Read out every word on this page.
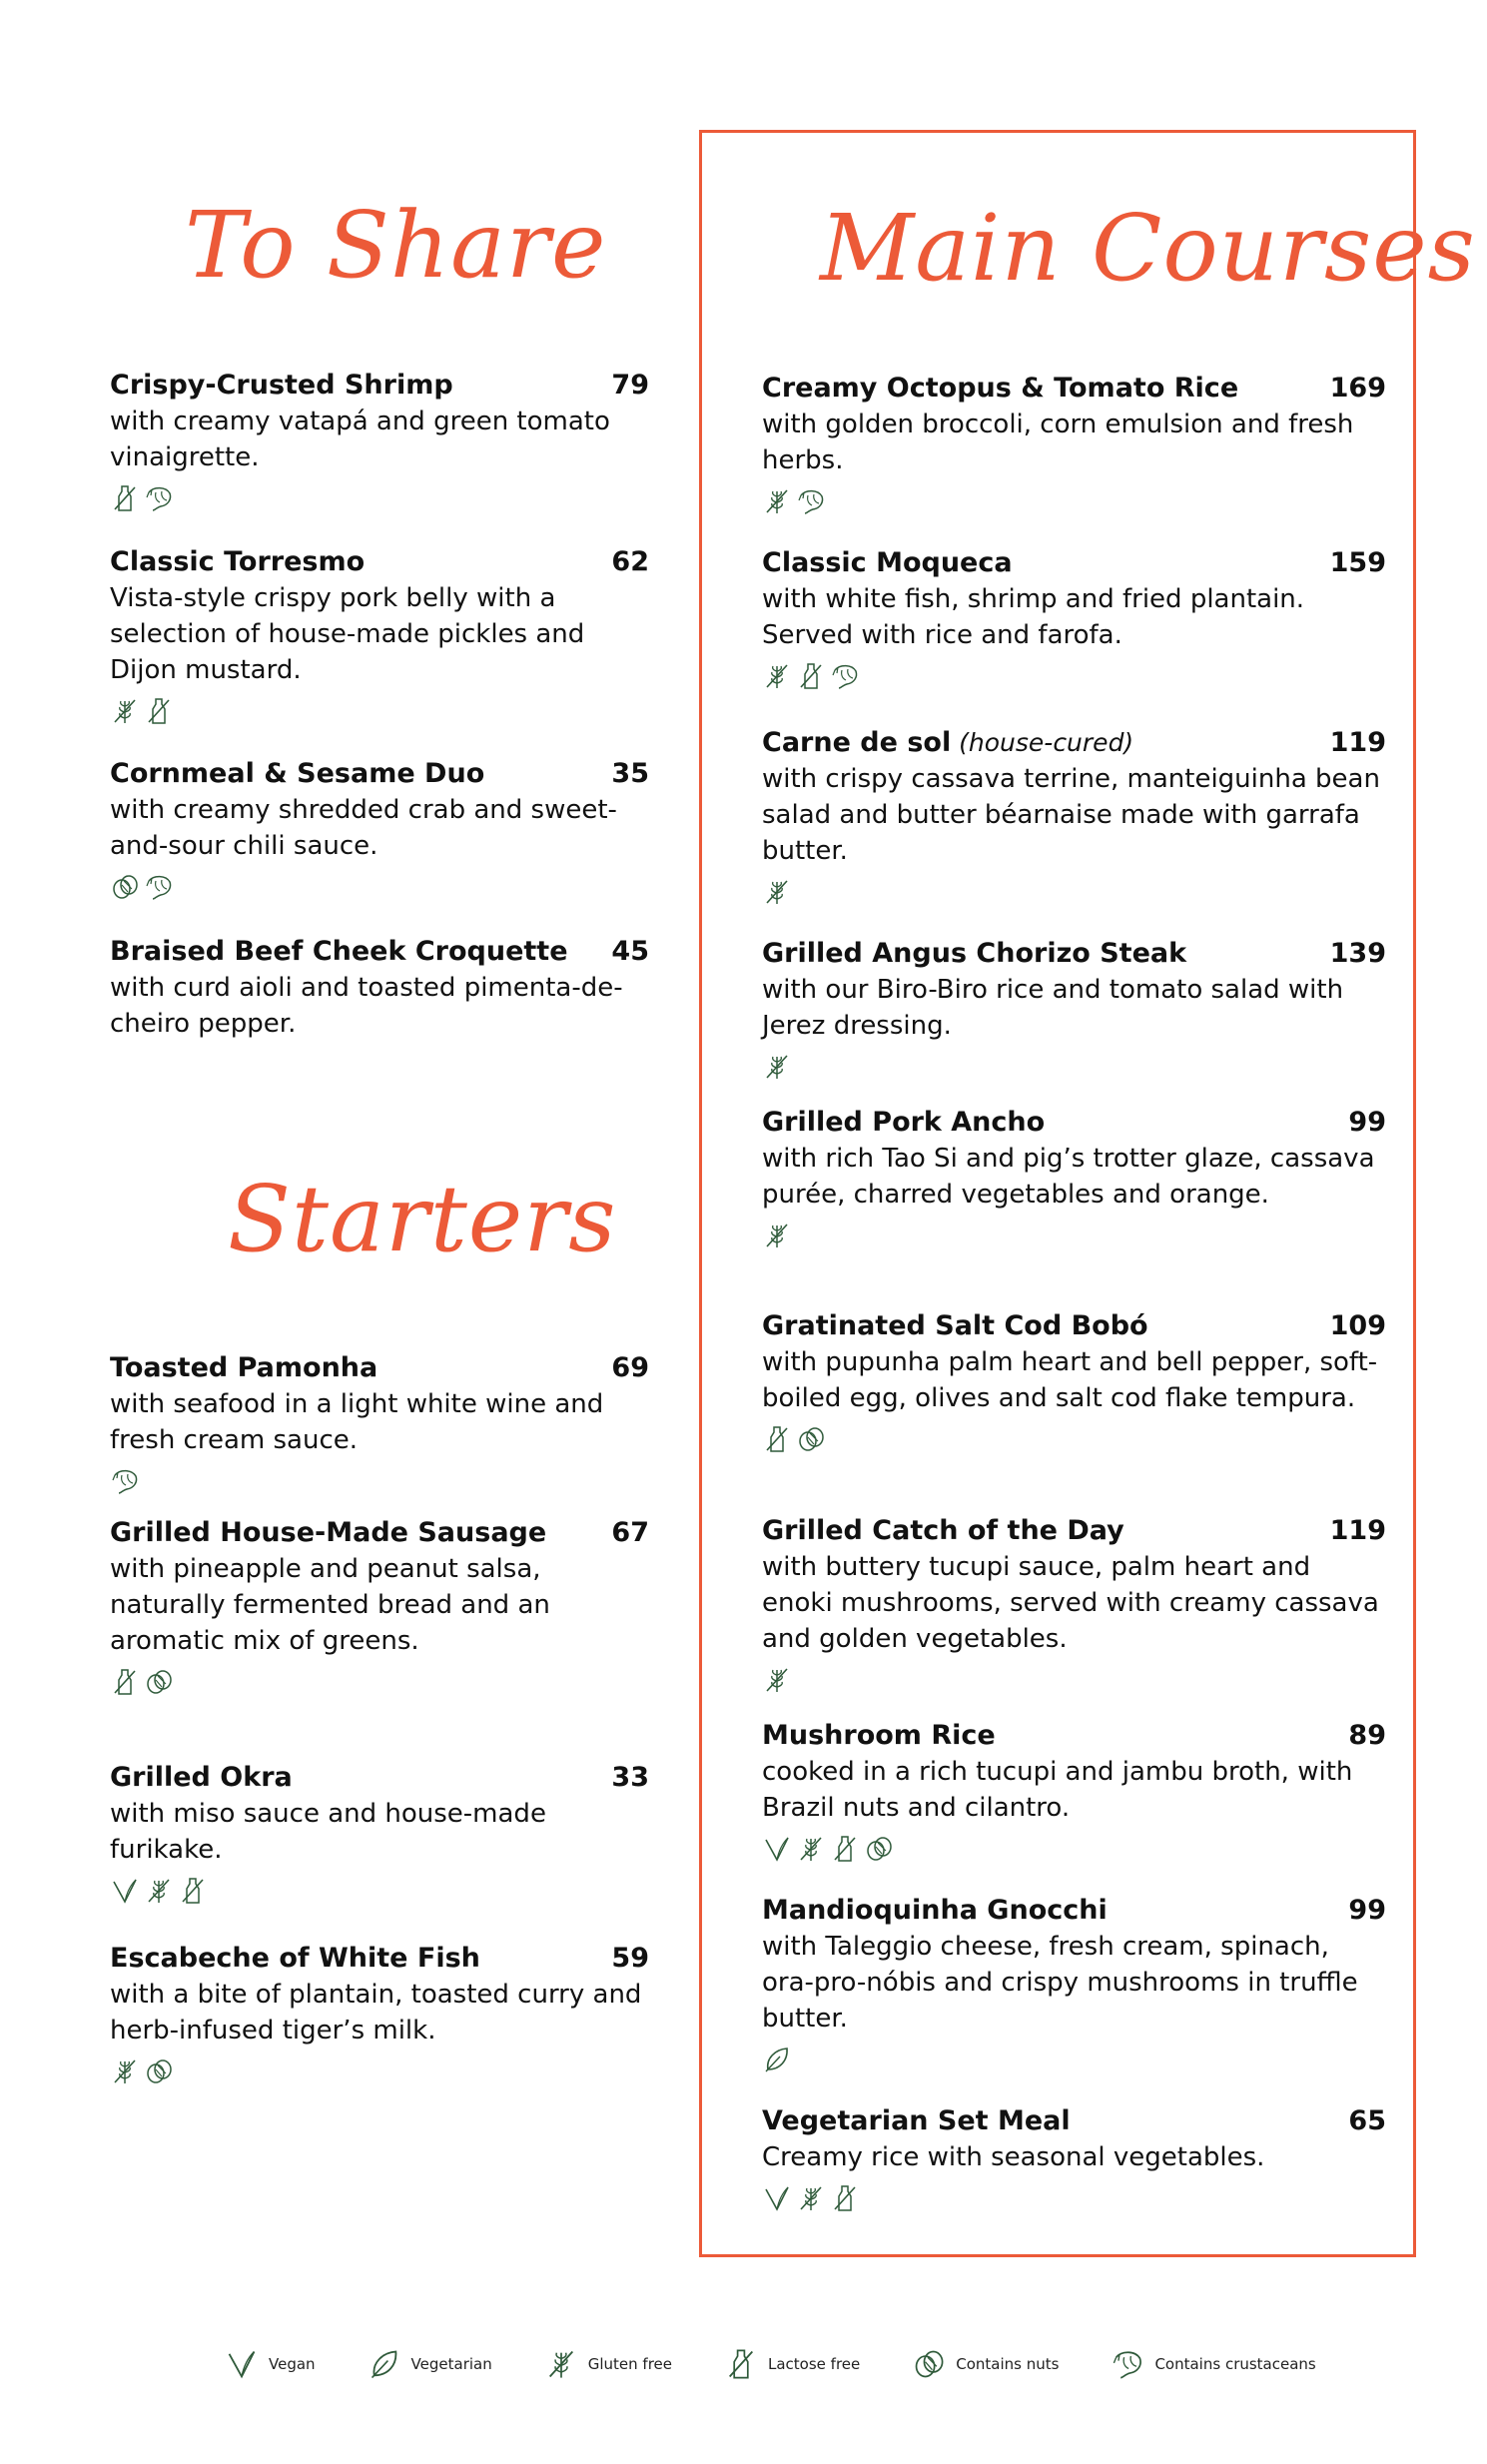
To Share
Crispy-Crusted Shrimp	79

with creamy vatapá and green tomato vinaigrette.

Classic Torresmo	62

Vista-style crispy pork belly with a selection of house-made pickles and Dijon mustard.

Cornmeal & Sesame Duo	35

with creamy shredded crab and sweet-and-sour chili sauce.

Braised Beef Cheek Croquette 45

with curd aioli and toasted pimenta-de-cheiro pepper.

Starters
Toasted Pamonha	69

with seafood in a light white wine and fresh cream sauce.

Grilled House-Made Sausage 67

with pineapple and peanut salsa, naturally fermented bread and an aromatic mix of greens.

Grilled Okra	33

with miso sauce and house-made furikake.

Escabeche of White Fish	59

with a bite of plantain, toasted curry and herb-infused tiger’s milk.

Main Courses
Creamy Octopus & Tomato Rice	169

with golden broccoli, corn emulsion and fresh herbs.

Classic Moqueca	159

with white fish, shrimp and fried plantain. Served with rice and farofa.

Carne de sol (house-cured)	119

with crispy cassava terrine, manteiguinha bean salad and butter béarnaise made with garrafa butter.

Grilled Angus Chorizo Steak	139

with our Biro-Biro rice and tomato salad with Jerez dressing.

Grilled Pork Ancho	99

with rich Tao Si and pig’s trotter glaze, cassava purée, charred vegetables and orange.

Gratinated Salt Cod Bobó	109

with pupunha palm heart and bell pepper, soft-boiled egg, olives and salt cod flake tempura.

Grilled Catch of the Day	119

with buttery tucupi sauce, palm heart and enoki mushrooms, served with creamy cassava and golden vegetables.

Mushroom Rice	89

cooked in a rich tucupi and jambu broth, with Brazil nuts and cilantro.

Mandioquinha Gnocchi	99

with Taleggio cheese, fresh cream, spinach, ora-pro-nóbis and crispy mushrooms in truffle butter.

Vegetarian Set Meal	65

Creamy rice with seasonal vegetables.

Vegan	Vegetarian	Gluten free	Lactose free	Contains nuts	Contains crustaceans
